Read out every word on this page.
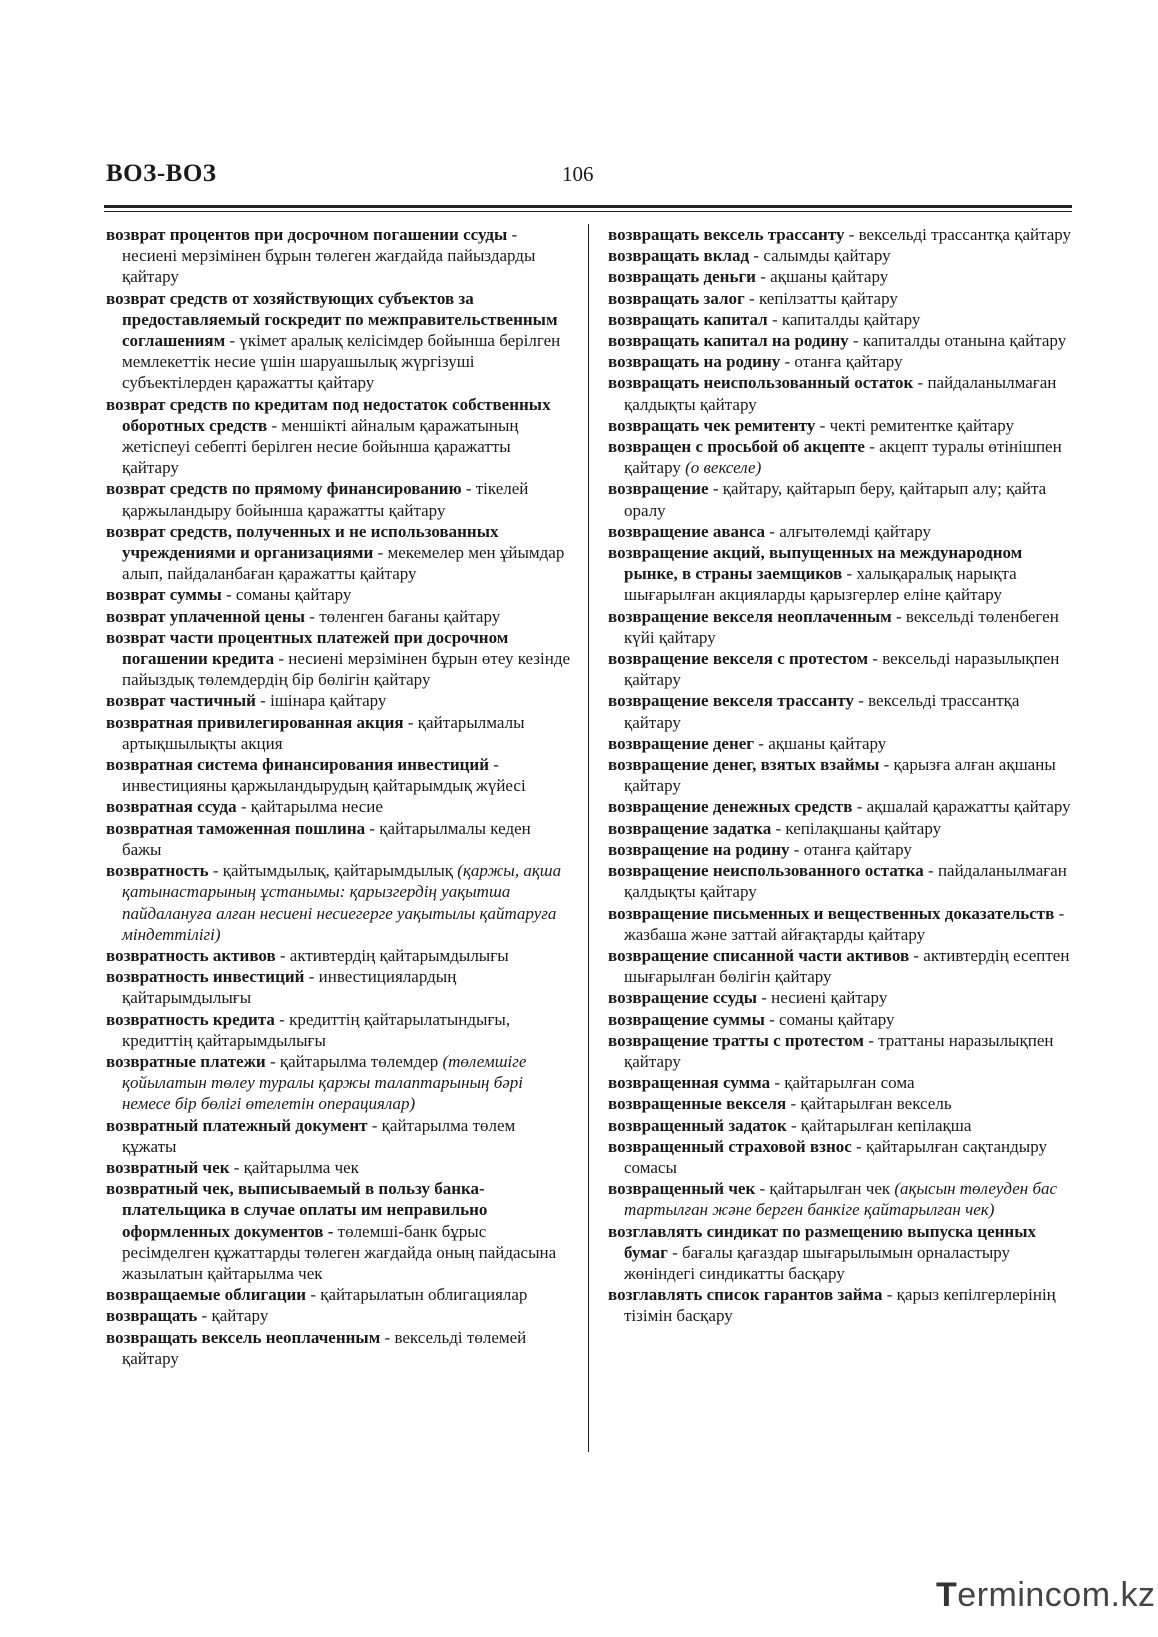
ВОЗ-ВОЗ	106

возврат процентов при досрочном погашении ссуды - несиені мерзімінен бұрын төлеген жағдайда пайыздарды қайтару

возврат средств от хозяйствующих субъектов за предоставляемый госкредит по межправительственным соглашениям - үкімет аралық келісімдер бойынша берілген мемлекеттік несие үшін шаруашылық жүргізуші субъектілерден қаражатты қайтару

возврат средств по кредитам под недостаток собственных оборотных средств - меншікті айналым қаражатының жетіспеуі себепті берілген несие бойынша қаражатты қайтару

возврат средств по прямому финансированию - тікелей қаржыландыру бойынша қаражатты қайтару

возврат средств, полученных и не использованных учреждениями и организациями - мекемелер мен ұйымдар алып, пайдаланбаған қаражатты қайтару

возврат суммы - соманы қайтару

возврат уплаченной цены - төленген бағаны қайтару

возврат части процентных платежей при досрочном погашении кредита - несиені мерзімінен бұрын өтеу кезінде пайыздық төлемдердің бір бөлігін қайтару

возврат частичный - ішінара қайтару

возвратная привилегированная акция - қайтарылмалы артықшылықты акция

возвратная система финансирования инвестиций - инвестицияны қаржыландырудың қайтарымдық жүйесі

возвратная ссуда - қайтарылма несие

возвратная таможенная пошлина - қайтарылмалы кеден бажы

возвратность - қайтымдылық, қайтарымдылық (қаржы, ақша қатынастарының ұстанымы: қарызгердің уақытша пайдалануға алған несиені несиегерге уақытылы қайтаруға міндеттілігі)

возвратность активов - активтердің қайтарымдылығы

возвратность инвестиций - инвестициялардың қайтарымдылығы

возвратность кредита - кредиттің қайтарылатындығы, кредиттің қайтарымдылығы

возвратные платежи - қайтарылма төлемдер (төлемшіге қойылатын төлеу туралы қаржы талаптарының бәрі немесе бір бөлігі өтелетін операциялар)

возвратный платежный документ - қайтарылма төлем құжаты

возвратный чек - қайтарылма чек

возвратный чек, выписываемый в пользу банка-плательщика в случае оплаты им неправильно оформленных документов - төлемші-банк бұрыс ресімделген құжаттарды төлеген жағдайда оның пайдасына жазылатын қайтарылма чек

возвращаемые облигации - қайтарылатын облигациялар

возвращать - қайтару

возвращать вексель неоплаченным - вексельді төлемей қайтару

возвращать вексель трассанту - вексельді трассантқа қайтару

возвращать вклад - салымды қайтару

возвращать деньги - ақшаны қайтару

возвращать залог - кепілзатты қайтару

возвращать капитал - капиталды қайтару

возвращать капитал на родину - капиталды отанына қайтару

возвращать на родину - отанға қайтару

возвращать неиспользованный остаток - пайдаланылмаған қалдықты қайтару

возвращать чек ремитенту - чекті ремитентке қайтару

возвращен с просьбой об акцепте - акцепт туралы өтінішпен қайтару (о векселе)

возвращение - қайтару, қайтарып беру, қайтарып алу; қайта оралу

возвращение аванса - алғытөлемді қайтару

возвращение акций, выпущенных на международном рынке, в страны заемщиков - халықаралық нарықта шығарылған акцияларды қарызгерлер еліне қайтару

возвращение векселя неоплаченным - вексельді төленбеген күйі қайтару

возвращение векселя с протестом - вексельді наразылықпен қайтару

возвращение векселя трассанту - вексельді трассантқа қайтару

возвращение денег - ақшаны қайтару

возвращение денег, взятых взаймы - қарызға алған ақшаны қайтару

возвращение денежных средств - ақшалай қаражатты қайтару

возвращение задатка - кепілақшаны қайтару

возвращение на родину - отанға қайтару

возвращение неиспользованного остатка - пайдаланылмаған қалдықты қайтару

возвращение письменных и вещественных доказательств - жазбаша және заттай айғақтарды қайтару

возвращение списанной части активов - активтердің есептен шығарылған бөлігін қайтару

возвращение ссуды - несиені қайтару

возвращение суммы - соманы қайтару

возвращение тратты с протестом - траттаны наразылықпен қайтару

возвращенная сумма - қайтарылған сома

возвращенные векселя - қайтарылған вексель

возвращенный задаток - қайтарылған кепілақша

возвращенный страховой взнос - қайтарылған сақтандыру сомасы

возвращенный чек - қайтарылған чек (ақысын төлеуден бас тартылған және берген банкіге қайтарылған чек)

возглавлять синдикат по размещению выпуска ценных бумаг - бағалы қағаздар шығарылымын орналастыру жөніндегі синдикатты басқару

возглавлять список гарантов займа - қарыз кепілгерлерінің тізімін басқару

Termincom.kz
